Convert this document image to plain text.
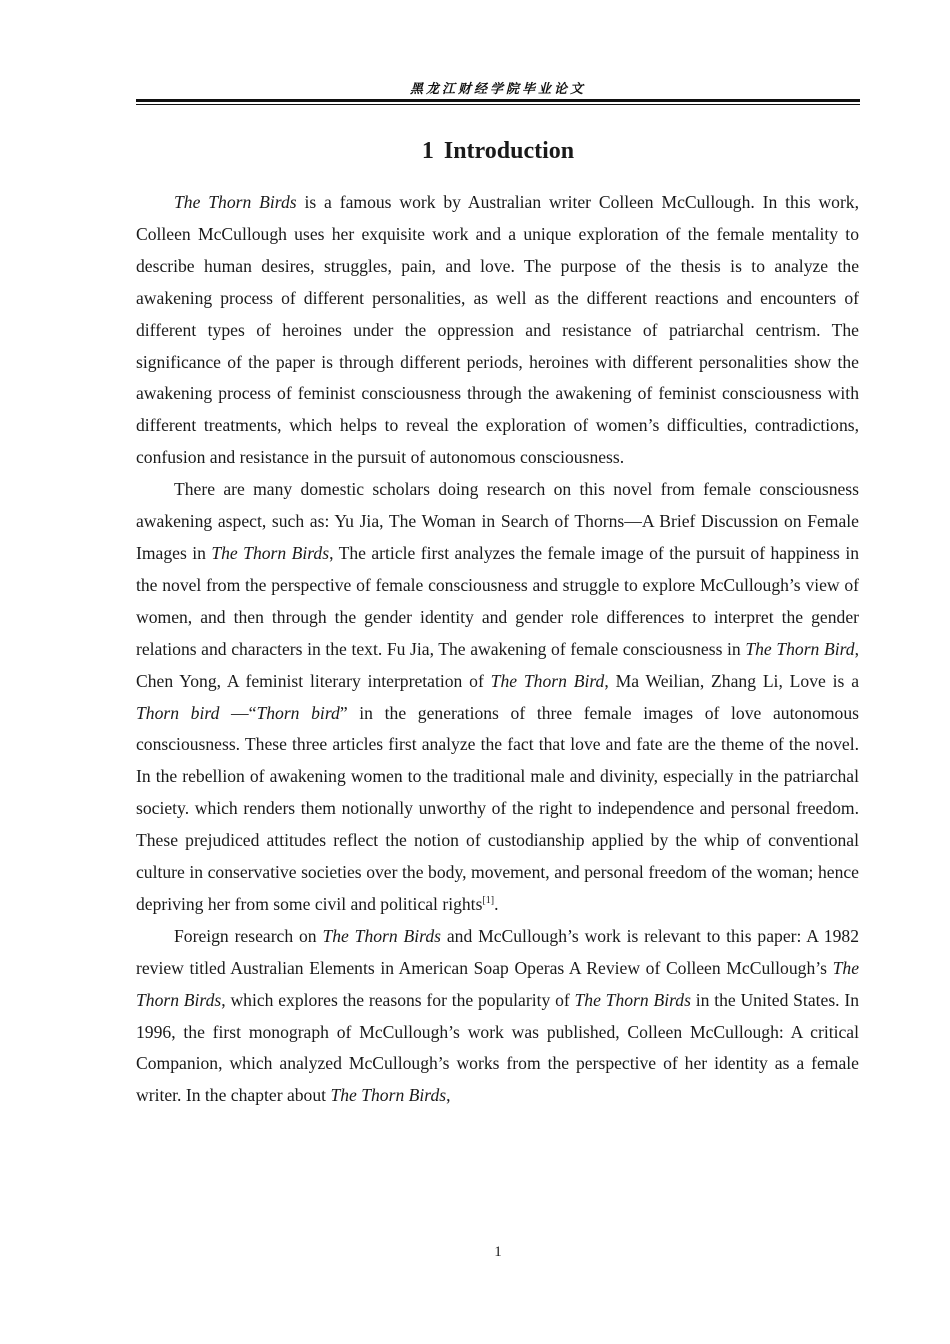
黑龙江财经学院毕业论文
1 Introduction

The Thorn Birds is a famous work by Australian writer Colleen McCullough. In this work, Colleen McCullough uses her exquisite work and a unique exploration of the female mentality to describe human desires, struggles, pain, and love. The purpose of the thesis is to analyze the awakening process of different personalities, as well as the different reactions and encounters of different types of heroines under the oppression and resistance of patriarchal centrism. The significance of the paper is through different periods, heroines with different personalities show the awakening process of feminist consciousness through the awakening of feminist consciousness with different treatments, which helps to reveal the exploration of women’s difficulties, contradictions, confusion and resistance in the pursuit of autonomous consciousness.

There are many domestic scholars doing research on this novel from female consciousness awakening aspect, such as: Yu Jia, The Woman in Search of Thorns—A Brief Discussion on Female Images in The Thorn Birds, The article first analyzes the female image of the pursuit of happiness in the novel from the perspective of female consciousness and struggle to explore McCullough’s view of women, and then through the gender identity and gender role differences to interpret the gender relations and characters in the text. Fu Jia, The awakening of female consciousness in The Thorn Bird, Chen Yong, A feminist literary interpretation of The Thorn Bird, Ma Weilian, Zhang Li, Love is a Thorn bird —“Thorn bird” in the generations of three female images of love autonomous consciousness. These three articles first analyze the fact that love and fate are the theme of the novel. In the rebellion of awakening women to the traditional male and divinity, especially in the patriarchal society. which renders them notionally unworthy of the right to independence and personal freedom. These prejudiced attitudes reflect the notion of custodianship applied by the whip of conventional culture in conservative societies over the body, movement, and personal freedom of the woman; hence depriving her from some civil and political rights[1].

Foreign research on The Thorn Birds and McCullough’s work is relevant to this paper: A 1982 review titled Australian Elements in American Soap Operas A Review of Colleen McCullough’s The Thorn Birds, which explores the reasons for the popularity of The Thorn Birds in the United States. In 1996, the first monograph of McCullough’s work was published, Colleen McCullough: A critical Companion, which analyzed McCullough’s works from the perspective of her identity as a female writer. In the chapter about The Thorn Birds,

1
